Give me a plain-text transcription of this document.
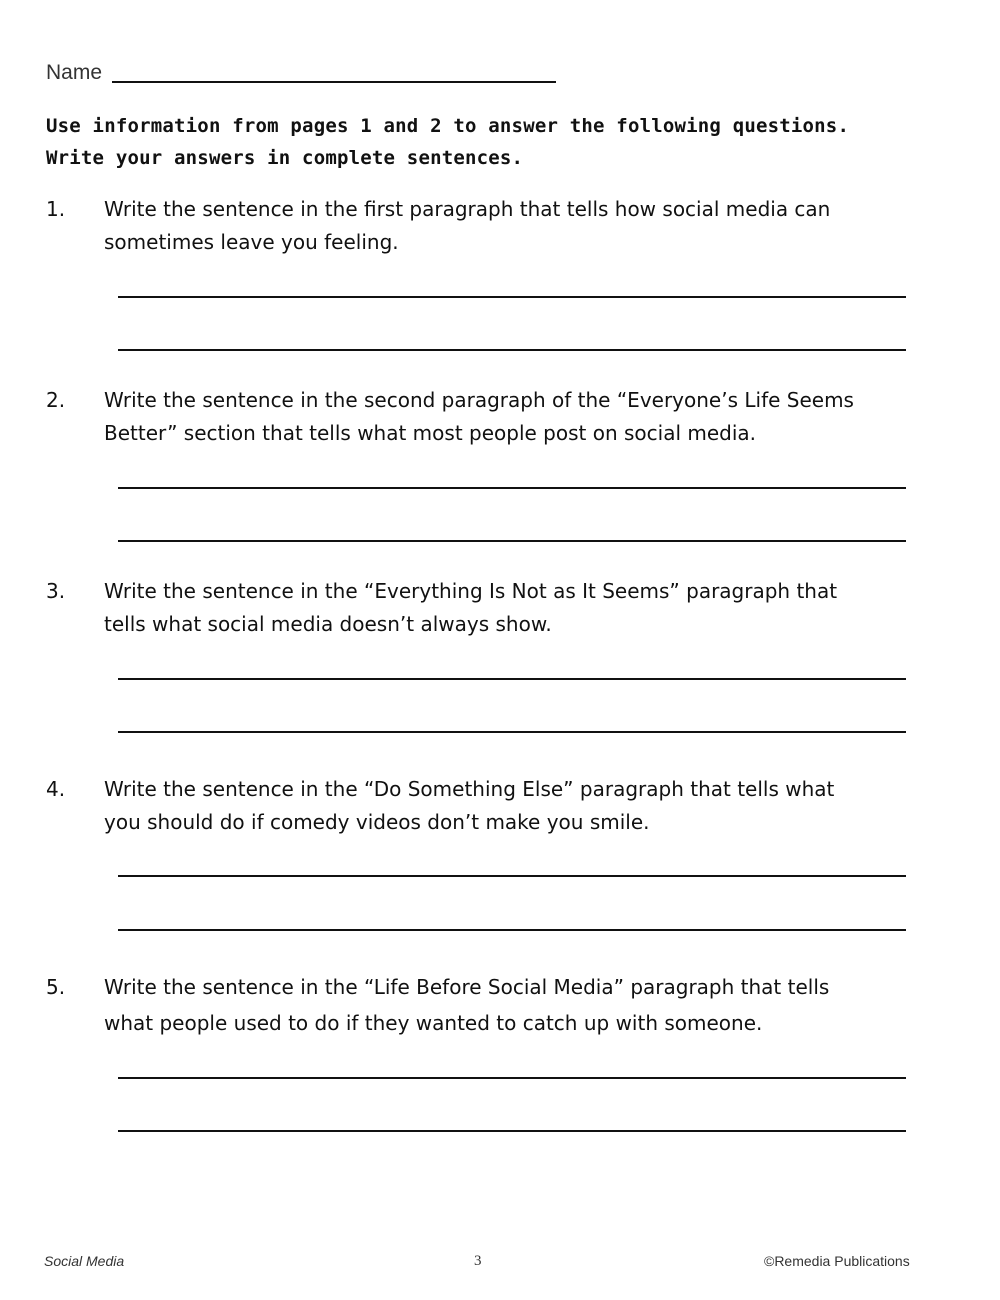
Name
Use information from pages 1 and 2 to answer the following questions.
Write your answers in complete sentences.
1. Write the sentence in the first paragraph that tells how social media can
sometimes leave you feeling.
2. Write the sentence in the second paragraph of the “Everyone’s Life Seems
Better” section that tells what most people post on social media.
3. Write the sentence in the “Everything Is Not as It Seems” paragraph that
tells what social media doesn’t always show.
4. Write the sentence in the “Do Something Else” paragraph that tells what
you should do if comedy videos don’t make you smile.
5. Write the sentence in the “Life Before Social Media” paragraph that tells
what people used to do if they wanted to catch up with someone.
Social Media	3	©Remedia Publications
